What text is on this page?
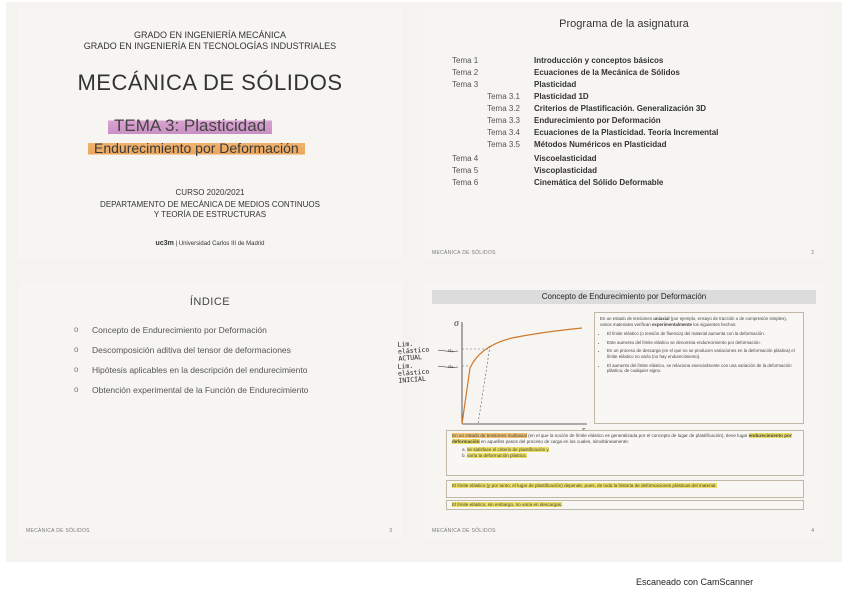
GRADO EN INGENIERÍA MECÁNICA
GRADO EN INGENIERÍA EN TECNOLOGÍAS INDUSTRIALES
MECÁNICA DE SÓLIDOS
TEMA 3: Plasticidad
Endurecimiento por Deformación
CURSO 2020/2021
DEPARTAMENTO DE MECÁNICA DE MEDIOS CONTINUOS
Y TEORÍA DE ESTRUCTURAS
uc3m | Universidad Carlos III de Madrid
Programa de la asignatura
Tema 1	Introducción y conceptos básicos
Tema 2	Ecuaciones de la Mecánica de Sólidos
Tema 3	Plasticidad
Tema 3.1 Plasticidad 1D
Tema 3.2 Criterios de Plastificación. Generalización 3D
Tema 3.3 Endurecimiento por Deformación
Tema 3.4 Ecuaciones de la Plasticidad. Teoría Incremental
Tema 3.5 Métodos Numéricos en Plasticidad
Tema 4	Viscoelasticidad
Tema 5	Viscoplasticidad
Tema 6	Cinemática del Sólido Deformable
MECÁNICA DE SÓLIDOS	2
ÍNDICE
o Concepto de Endurecimiento por Deformación
o Descomposición aditiva del tensor de deformaciones
o Hipótesis aplicables en la descripción del endurecimiento
o Obtención experimental de la Función de Endurecimiento
MECÁNICA DE SÓLIDOS	3
Concepto de Endurecimiento por Deformación
σ
σᵧ
σ₀
Lim. elástico ACTUAL
Lim. elástico INICIAL

En un estado de tensiones uniaxial (por ejemplo, ensayo de tracción o de compresión simples), varios materiales verifican experimentalmente los siguientes hechos:

• El límite elástico (o tensión de fluencia) del material aumenta con la deformación.
• Este aumento del límite elástico se denomina endurecimiento por deformación.
• En un proceso de descarga (en el que no se producen variaciones en la deformación plástica) el límite elástico no varía (no hay endurecimiento).
• El aumento del límite elástico, se relaciona esencialmente con una variación de la deformación plástica, de cualquier signo.
En un estado de tensiones multiaxial (en el que la noción de límite elástico es generalizada por el concepto de lugar de plastificación), tiene lugar endurecimiento por deformación en aquellos pasos del proceso de carga en los cuales, simultáneamente:
a. se satisface el criterio de plastificación y
b. varía la deformación plástica.
El límite elástico (y por tanto, el lugar de plastificación) depende, pues, de toda la historia de deformaciones plásticas del material.
El límite elástico, sin embargo, no varía en descargas.
MECÁNICA DE SÓLIDOS	4
Escaneado con CamScanner
